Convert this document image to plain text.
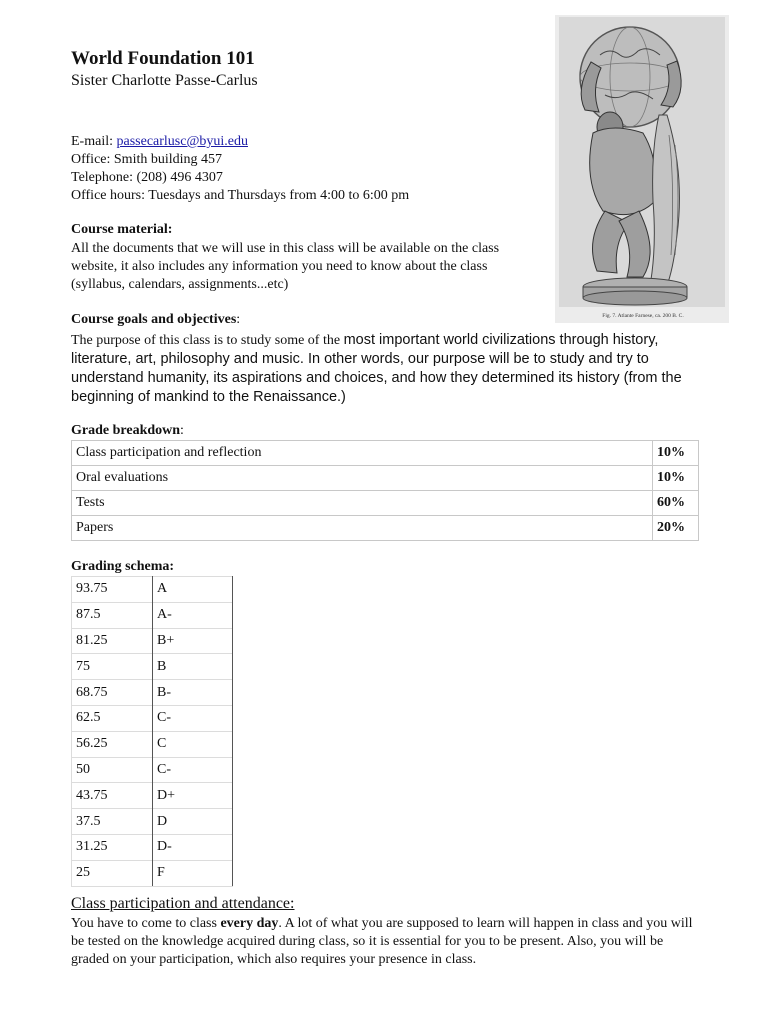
World Foundation 101
Sister Charlotte Passe-Carlus
E-mail: passecarlusc@byui.edu
Office: Smith building 457
Telephone: (208) 496 4307
Office hours: Tuesdays and Thursdays from 4:00 to 6:00 pm
Fig. 7. Atlante Farnese, ca. 200 B. C.
Course material:
All the documents that we will use in this class will be available on the class website, it also includes any information you need to know about the class (syllabus, calendars, assignments...etc)
Course goals and objectives:
The purpose of this class is to study some of the most important world civilizations through history, literature, art, philosophy and music. In other words, our purpose will be to study and try to understand humanity, its aspirations and choices, and how they determined its history (from the beginning of mankind to the Renaissance.)
Grade breakdown:
Class participation and reflection	10%
Oral evaluations	10%
Tests	60%
Papers	20%
Grading schema:
93.75	A
87.5	A-
81.25	B+
75	B
68.75	B-
62.5	C-
56.25	C
50	C-
43.75	D+
37.5	D
31.25	D-
25	F
Class participation and attendance:
You have to come to class every day. A lot of what you are supposed to learn will happen in class and you will be tested on the knowledge acquired during class, so it is essential for you to be present. Also, you will be graded on your participation, which also requires your presence in class.
